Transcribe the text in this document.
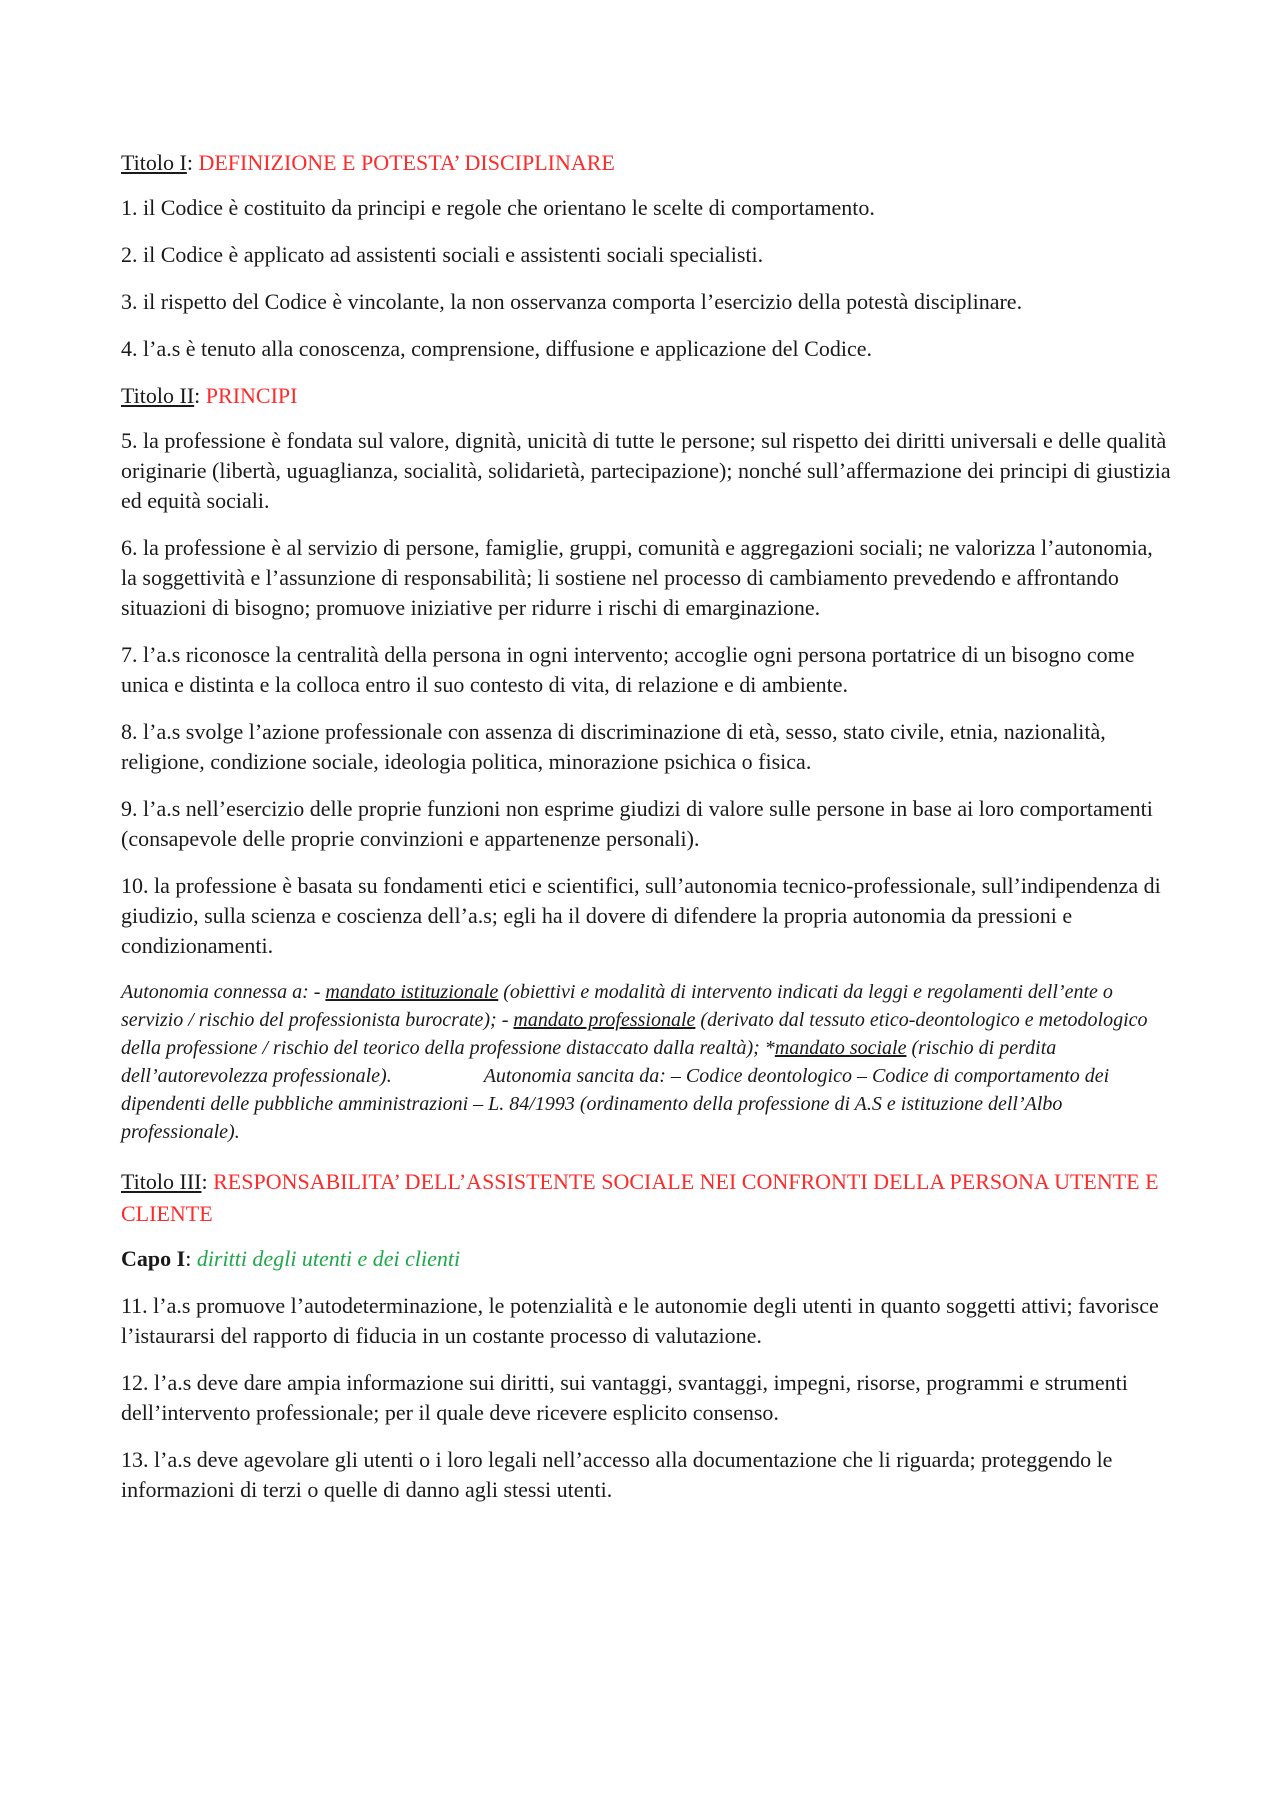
Titolo I: DEFINIZIONE E POTESTA’ DISCIPLINARE

1. il Codice è costituito da principi e regole che orientano le scelte di comportamento.

2. il Codice è applicato ad assistenti sociali e assistenti sociali specialisti.

3. il rispetto del Codice è vincolante, la non osservanza comporta l’esercizio della potestà disciplinare.

4. l’a.s è tenuto alla conoscenza, comprensione, diffusione e applicazione del Codice.

Titolo II: PRINCIPI

5. la professione è fondata sul valore, dignità, unicità di tutte le persone; sul rispetto dei diritti universali e delle qualità originarie (libertà, uguaglianza, socialità, solidarietà, partecipazione); nonché sull’affermazione dei principi di giustizia ed equità sociali.

6. la professione è al servizio di persone, famiglie, gruppi, comunità e aggregazioni sociali; ne valorizza l’autonomia, la soggettività e l’assunzione di responsabilità; li sostiene nel processo di cambiamento prevedendo e affrontando situazioni di bisogno; promuove iniziative per ridurre i rischi di emarginazione.

7. l’a.s riconosce la centralità della persona in ogni intervento; accoglie ogni persona portatrice di un bisogno come unica e distinta e la colloca entro il suo contesto di vita, di relazione e di ambiente.

8. l’a.s svolge l’azione professionale con assenza di discriminazione di età, sesso, stato civile, etnia, nazionalità, religione, condizione sociale, ideologia politica, minorazione psichica o fisica.

9. l’a.s nell’esercizio delle proprie funzioni non esprime giudizi di valore sulle persone in base ai loro comportamenti (consapevole delle proprie convinzioni e appartenenze personali).

10. la professione è basata su fondamenti etici e scientifici, sull’autonomia tecnico-professionale, sull’indipendenza di giudizio, sulla scienza e coscienza dell’a.s; egli ha il dovere di difendere la propria autonomia da pressioni e condizionamenti.

Autonomia connessa a: - mandato istituzionale (obiettivi e modalità di intervento indicati da leggi e regolamenti dell’ente o servizio / rischio del professionista burocrate); - mandato professionale (derivato dal tessuto etico-deontologico e metodologico della professione / rischio del teorico della professione distaccato dalla realtà); *mandato sociale (rischio di perdita dell’autorevolezza professionale).	Autonomia sancita da: – Codice deontologico – Codice di comportamento dei dipendenti delle pubbliche amministrazioni – L. 84/1993 (ordinamento della professione di A.S e istituzione dell’Albo professionale).

Titolo III: RESPONSABILITA’ DELL’ASSISTENTE SOCIALE NEI CONFRONTI DELLA PERSONA UTENTE E CLIENTE
Capo I: diritti degli utenti e dei clienti

11. l’a.s promuove l’autodeterminazione, le potenzialità e le autonomie degli utenti in quanto soggetti attivi; favorisce l’istaurarsi del rapporto di fiducia in un costante processo di valutazione.

12. l’a.s deve dare ampia informazione sui diritti, sui vantaggi, svantaggi, impegni, risorse, programmi e strumenti dell’intervento professionale; per il quale deve ricevere esplicito consenso.

13. l’a.s deve agevolare gli utenti o i loro legali nell’accesso alla documentazione che li riguarda; proteggendo le informazioni di terzi o quelle di danno agli stessi utenti.
